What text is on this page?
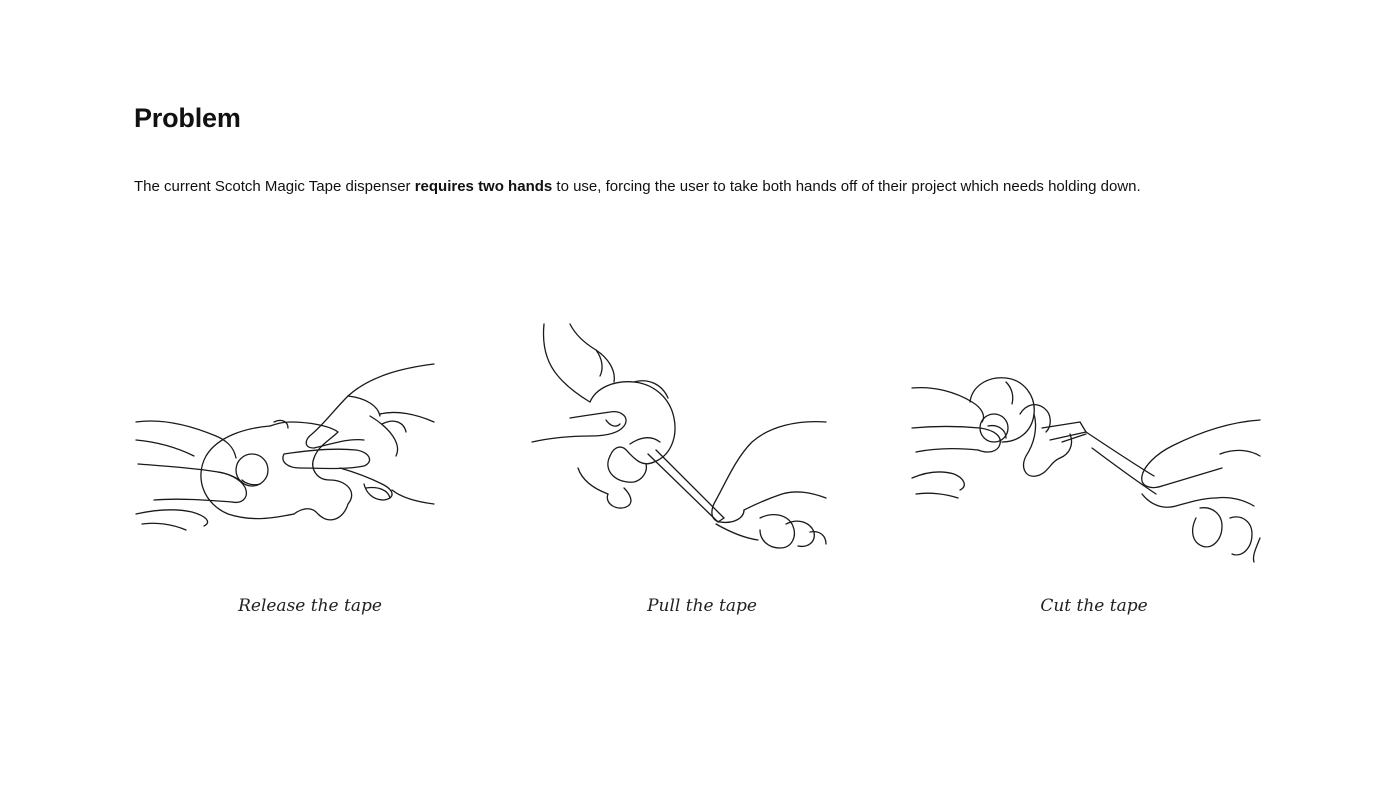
Problem

The current Scotch Magic Tape dispenser requires two hands to use, forcing the user to take both hands off of their project which needs holding down.

Release the tape	Pull the tape	Cut the tape
